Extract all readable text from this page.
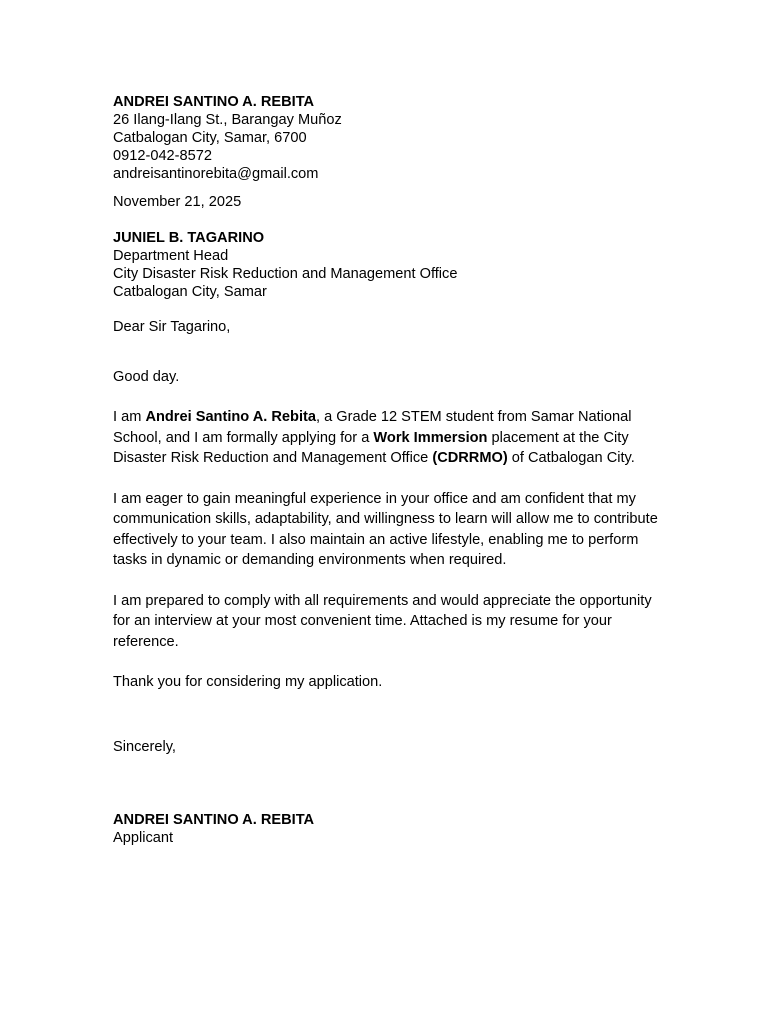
ANDREI SANTINO A. REBITA
26 Ilang-Ilang St., Barangay Muñoz
Catbalogan City, Samar, 6700
0912-042-8572
andreisantinorebita@gmail.com
November 21, 2025
JUNIEL B. TAGARINO
Department Head
City Disaster Risk Reduction and Management Office
Catbalogan City, Samar
Dear Sir Tagarino,
Good day.

I am Andrei Santino A. Rebita, a Grade 12 STEM student from Samar National School, and I am formally applying for a Work Immersion placement at the City Disaster Risk Reduction and Management Office (CDRRMO) of Catbalogan City.

I am eager to gain meaningful experience in your office and am confident that my communication skills, adaptability, and willingness to learn will allow me to contribute effectively to your team. I also maintain an active lifestyle, enabling me to perform tasks in dynamic or demanding environments when required.

I am prepared to comply with all requirements and would appreciate the opportunity for an interview at your most convenient time. Attached is my resume for your reference.

Thank you for considering my application.

Sincerely,
ANDREI SANTINO A. REBITA
Applicant
